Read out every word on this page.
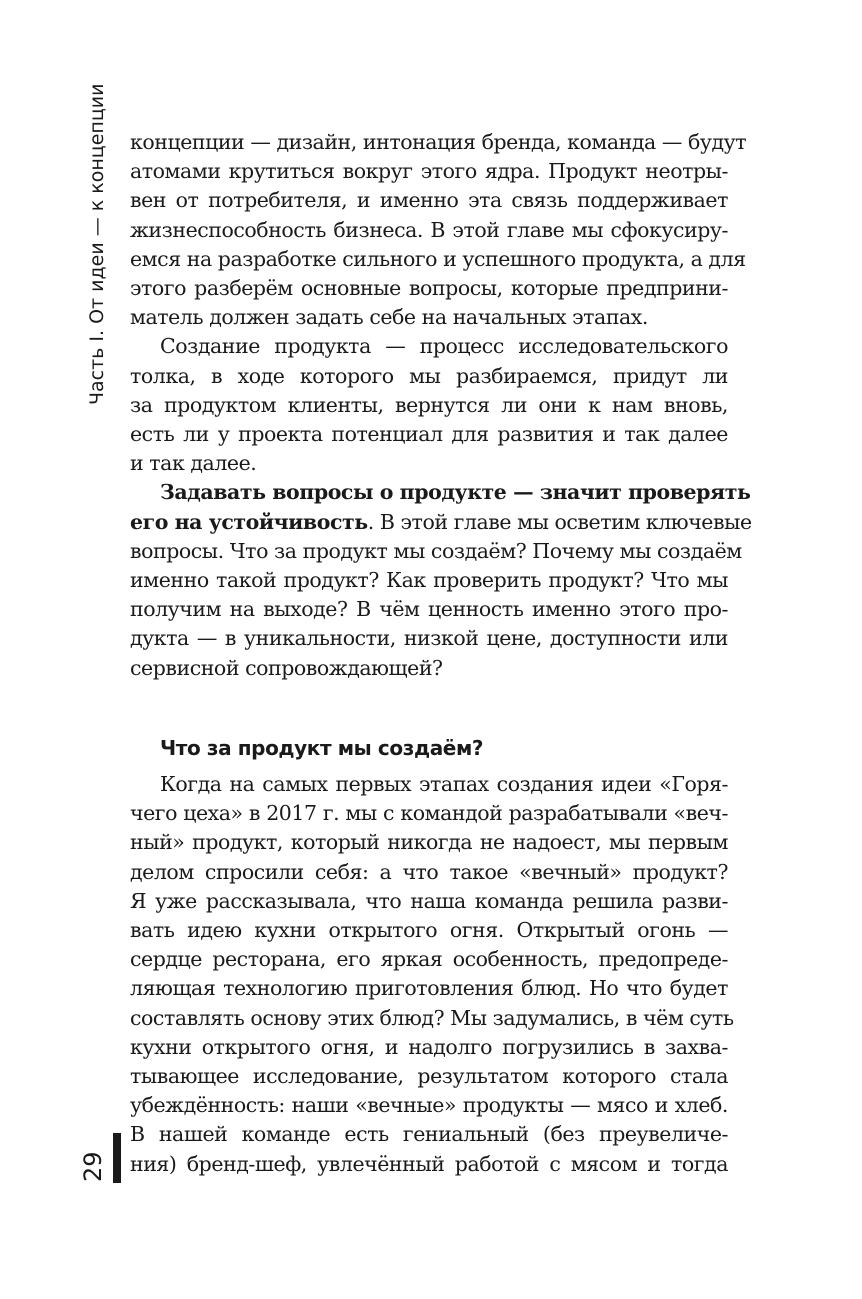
Часть I. От идеи — к концепции
29
концепции — дизайн, интонация бренда, команда — будут
атомами крутиться вокруг этого ядра. Продукт неотры-
вен от потребителя, и именно эта связь поддерживает
жизнеспособность бизнеса. В этой главе мы сфокусиру-
емся на разработке сильного и успешного продукта, а для
этого разберём основные вопросы, которые предприни-
матель должен задать себе на начальных этапах.
Создание продукта — процесс исследовательского
толка, в ходе которого мы разбираемся, придут ли
за продуктом клиенты, вернутся ли они к нам вновь,
есть ли у проекта потенциал для развития и так далее
и так далее.
Задавать вопросы о продукте — значит проверять
его на устойчивость. В этой главе мы осветим ключевые
вопросы. Что за продукт мы создаём? Почему мы создаём
именно такой продукт? Как проверить продукт? Что мы
получим на выходе? В чём ценность именно этого про-
дукта — в уникальности, низкой цене, доступности или
сервисной сопровождающей?
Что за продукт мы создаём?
Когда на самых первых этапах создания идеи «Горя-
чего цеха» в 2017 г. мы с командой разрабатывали «веч-
ный» продукт, который никогда не надоест, мы первым
делом спросили себя: а что такое «вечный» продукт?
Я уже рассказывала, что наша команда решила разви-
вать идею кухни открытого огня. Открытый огонь —
сердце ресторана, его яркая особенность, предопреде-
ляющая технологию приготовления блюд. Но что будет
составлять основу этих блюд? Мы задумались, в чём суть
кухни открытого огня, и надолго погрузились в захва-
тывающее исследование, результатом которого стала
убеждённость: наши «вечные» продукты — мясо и хлеб.
В нашей команде есть гениальный (без преувеличе-
ния) бренд-шеф, увлечённый работой с мясом и тогда
